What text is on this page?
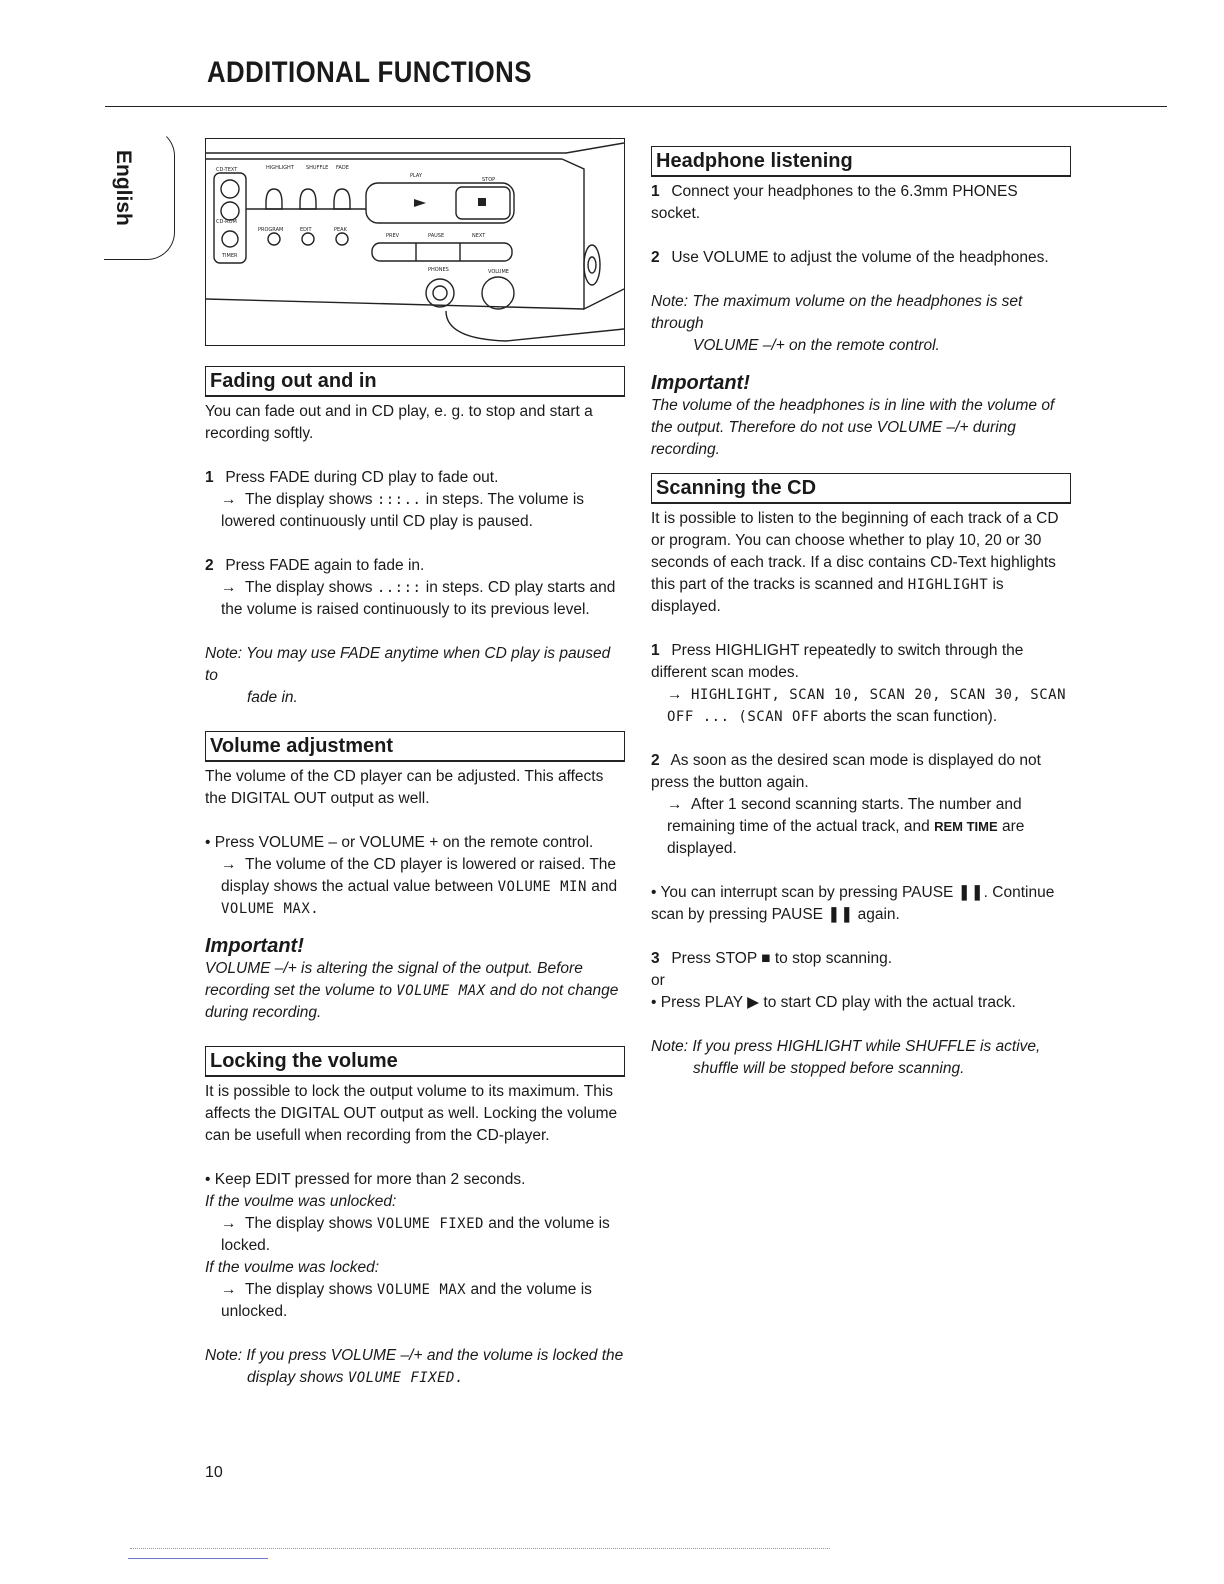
ADDITIONAL FUNCTIONS
English	HIGHLIGHT SHUFFLE FADE
PLAY
STOP
CD-TEXT
CD-ROM
TIMER
PROGRAM	EDIT	PEAK
PREV	PAUSE	NEXT
PHONES	VOLUME
Fading out and in

You can fade out and in CD play, e. g. to stop and start a recording softly.

1 Press FADE during CD play to fade out.

→ The display shows :::.. in steps. The volume is lowered continuously until CD play is paused.

2 Press FADE again to fade in.

→ The display shows ..::: in steps. CD play starts and the volume is raised continuously to its previous level.

Note: You may use FADE anytime when CD play is paused to

fade in.

Volume adjustment

The volume of the CD player can be adjusted. This affects the DIGITAL OUT output as well.

• Press VOLUME – or VOLUME + on the remote control.

→ The volume of the CD player is lowered or raised. The display shows the actual value between VOLUME MIN and VOLUME MAX.

Important!

VOLUME –/+ is altering the signal of the output. Before recording set the volume to VOLUME MAX and do not change during recording.

Locking the volume

It is possible to lock the output volume to its maximum. This affects the DIGITAL OUT output as well. Locking the volume can be usefull when recording from the CD-player.

• Keep EDIT pressed for more than 2 seconds.

If the voulme was unlocked:

→ The display shows VOLUME FIXED and the volume is locked.

If the voulme was locked:

→ The display shows VOLUME MAX and the volume is unlocked.

Note: If you press VOLUME –/+ and the volume is locked the

display shows VOLUME FIXED.

Headphone listening

1 Connect your headphones to the 6.3mm PHONES socket.

2 Use VOLUME to adjust the volume of the headphones.

Note: The maximum volume on the headphones is set through

VOLUME –/+ on the remote control.

Important!

The volume of the headphones is in line with the volume of the output. Therefore do not use VOLUME –/+ during recording.

Scanning the CD

It is possible to listen to the beginning of each track of a CD or program. You can choose whether to play 10, 20 or 30 seconds of each track. If a disc contains CD-Text highlights this part of the tracks is scanned and HIGHLIGHT is displayed.

1 Press HIGHLIGHT repeatedly to switch through the different scan modes.

→ HIGHLIGHT, SCAN 10, SCAN 20, SCAN 30, SCAN OFF ... (SCAN OFF aborts the scan function).

2 As soon as the desired scan mode is displayed do not press the button again.

→ After 1 second scanning starts. The number and remaining time of the actual track, and REM TIME are displayed.

• You can interrupt scan by pressing PAUSE ❚❚. Continue scan by pressing PAUSE ❚❚ again.

3 Press STOP ■ to stop scanning.

or

• Press PLAY ▶ to start CD play with the actual track.

Note: If you press HIGHLIGHT while SHUFFLE is active,

shuffle will be stopped before scanning.

10
